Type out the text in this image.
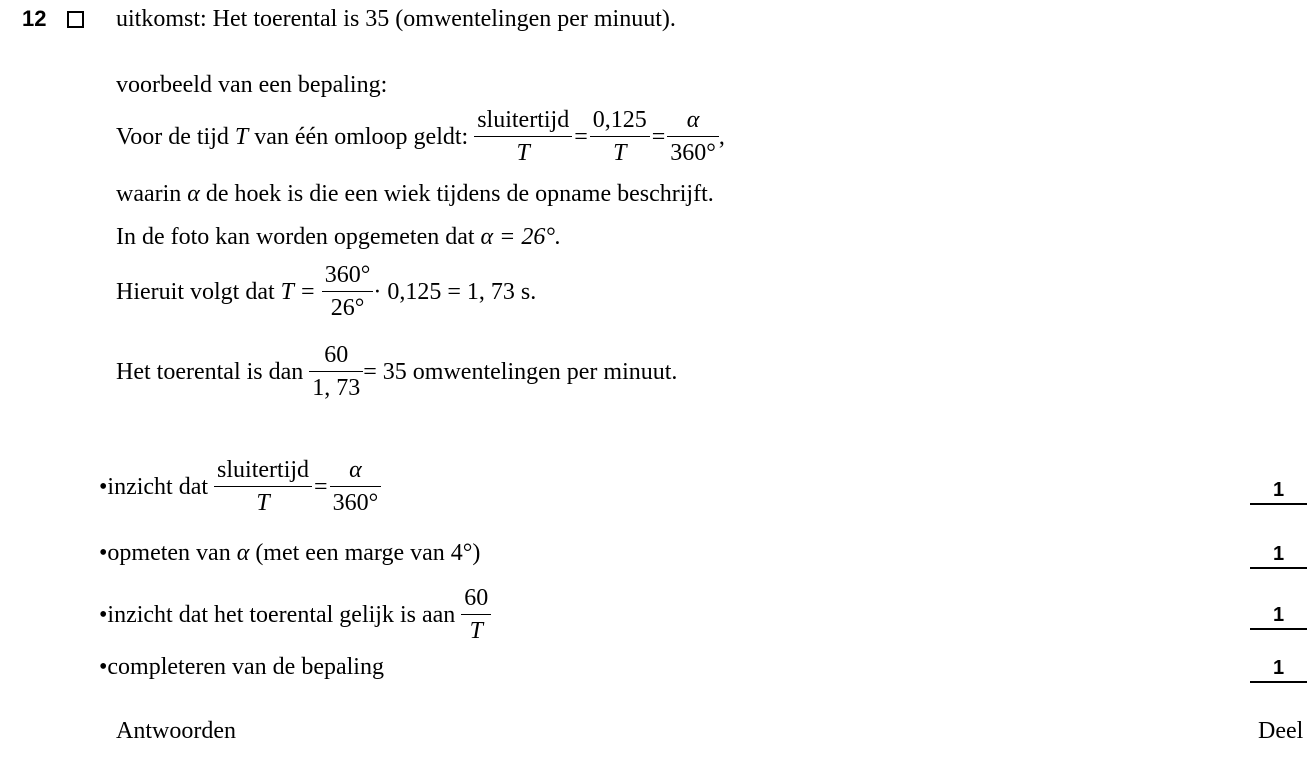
12	uitkomst: Het toerental is 35 (omwentelingen per minuut).
voorbeeld van een bepaling:
Voor de tijd T van één omloop geldt: $\frac{\text{sluitertijd}}{T} = \frac{0,125}{T} = \frac{\alpha}{360^\circ}$ ,
waarin α de hoek is die een wiek tijdens de opname beschrijft.
In de foto kan worden opgemeten dat α = 26°.
Hieruit volgt dat $T = \frac{360^\circ}{26^\circ} \cdot 0,125 = 1$, 73 s.
Het toerental is dan $\frac{60}{1, 73} = 35$ omwentelingen per minuut.
•inzicht dat $\frac{\text{sluitertijd}}{T} = \frac{\alpha}{360^\circ}$	1
•opmeten van α (met een marge van 4°)	1
•inzicht dat het toerental gelijk is aan $\frac{60}{T}$	1
•completeren van de bepaling	1
Antwoorden	Deel
